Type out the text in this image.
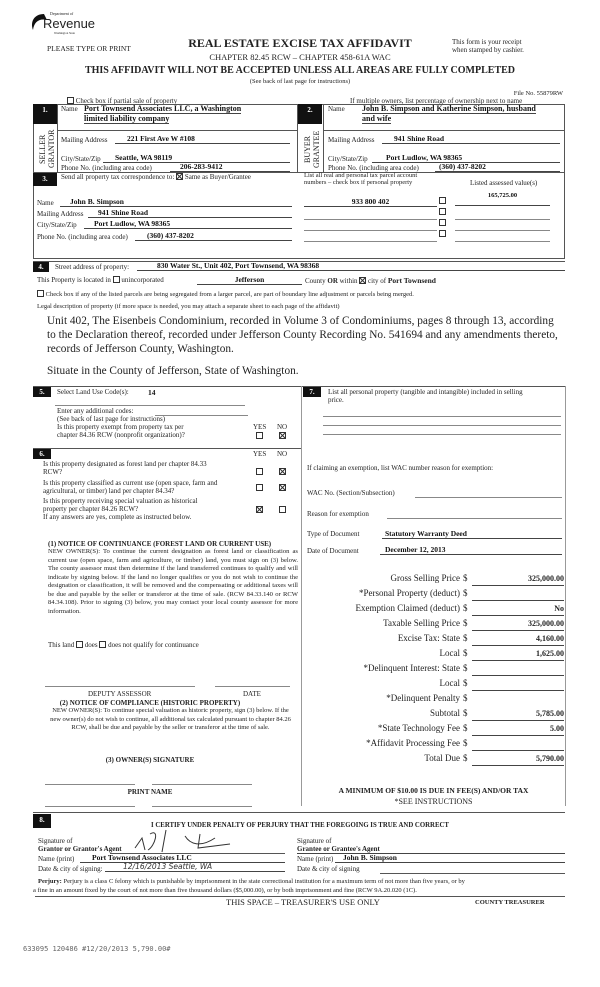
Department of
Revenue
Washington State
PLEASE TYPE OR PRINT	REAL ESTATE EXCISE TAX AFFIDAVIT
CHAPTER 82.45 RCW – CHAPTER 458-61A WAC
This form is your receipt
when stamped by cashier.
THIS AFFIDAVIT WILL NOT BE ACCEPTED UNLESS ALL AREAS ARE FULLY COMPLETED
(See back of last page for instructions)
File No. 55879RW
Check box if partial sale of property	If multiple owners, list percentage of ownership next to name
1.
SELLER GRANTOR
Name Port Townsend Associates LLC, a Washington
limited liability company
Mailing Address	221 First Ave W #108
City/State/Zip	Seattle, WA 98119
Phone No. (including area code)	206-283-9412
2.
BUYER GRANTEE
Name John B. Simpson and Katherine Simpson, husband
and wife
Mailing Address	941 Shine Road
City/State/Zip	Port Ludlow, WA 98365
Phone No. (including area code)	(360) 437-8202
3.	Send all property tax correspondence to: Same as Buyer/Grantee	List all real and personal tax parcel account
numbers – check box if personal property	Listed assessed value(s)
Name	John B. Simpson
Mailing Address	941 Shine Road
City/State/Zip	Port Ludlow, WA 98365
Phone No. (including area code)	(360) 437-8202
933 800 402
165,725.00
4.	Street address of property:	830 Water St., Unit 402, Port Townsend, WA 98368
This Property is located in unincorporated	Jefferson	County OR within city of Port Townsend
Check box if any of the listed parcels are being segregated from a larger parcel, are part of boundary line adjustment or parcels being merged.
Legal description of property (if more space is needed, you may attach a separate sheet to each page of the affidavit)
Unit 402, The Eisenbeis Condominium, recorded in Volume 3 of Condominiums, pages 8 through 13, according to the Declaration thereof, recorded under Jefferson County Recording No. 541694 and any amendments thereto, records of Jefferson County, Washington.
Situate in the County of Jefferson, State of Washington.
5.	Select Land Use Code(s):	14
Enter any additional codes:
(See back of last page for instructions)
Is this property exempt from property tax per
chapter 84.36 RCW (nonprofit organization)?
YES NO
6.	YES NO
Is this property designated as forest land per chapter 84.33
RCW?
Is this property classified as current use (open space, farm and
agricultural, or timber) land per chapter 84.34?
Is this property receiving special valuation as historical
property per chapter 84.26 RCW?
If any answers are yes, complete as instructed below.
(1) NOTICE OF CONTINUANCE (FOREST LAND OR CURRENT USE)
NEW OWNER(S): To continue the current designation as forest land or classification as current use (open space, farm and agriculture, or timber) land, you must sign on (3) below. The county assessor must then determine if the land transferred continues to qualify and will indicate by signing below. If the land no longer qualifies or you do not wish to continue the designation or classification, it will be removed and the compensating or additional taxes will be due and payable by the seller or transferor at the time of sale. (RCW 84.33.140 or RCW 84.34.108). Prior to signing (3) below, you may contact your local county assessor for more information.
This land does does not qualify for continuance
DEPUTY ASSESSOR	DATE
(2) NOTICE OF COMPLIANCE (HISTORIC PROPERTY)
NEW OWNER(S): To continue special valuation as historic property, sign (3) below. If the new owner(s) do not wish to continue, all additional tax calculated pursuant to chapter 84.26 RCW, shall be due and payable by the seller or transferor at the time of sale.
(3) OWNER(S) SIGNATURE
PRINT NAME
7.	List all personal property (tangible and intangible) included in selling
price.
If claiming an exemption, list WAC number reason for exemption:
WAC No. (Section/Subsection)
Reason for exemption
Type of Document	Statutory Warranty Deed
Date of Document	December 12, 2013
Gross Selling Price $	325,000.00
*Personal Property (deduct) $
Exemption Claimed (deduct) $	No
Taxable Selling Price $	325,000.00
Excise Tax: State $	4,160.00
Local $	1,625.00
*Delinquent Interest: State $
Local $
*Delinquent Penalty $
Subtotal $	5,785.00
*State Technology Fee $	5.00
*Affidavit Processing Fee $
Total Due $	5,790.00
A MINIMUM OF $10.00 IS DUE IN FEE(S) AND/OR TAX
*SEE INSTRUCTIONS
8.
I CERTIFY UNDER PENALTY OF PERJURY THAT THE FOREGOING IS TRUE AND CORRECT
Signature of
Grantor or Grantor's Agent
Name (print)	Port Townsend Associates LLC
Date & city of signing:	12/16/2013 Seattle, WA
Signature of
Grantee or Grantee's Agent
Name (print)	John B. Simpson
Date & city of signing
Perjury: Perjury is a class C felony which is punishable by imprisonment in the state correctional institution for a maximum term of not more than five years, or by
a fine in an amount fixed by the court of not more than five thousand dollars ($5,000.00), or by both imprisonment and fine (RCW 9A.20.020 (1C).
THIS SPACE – TREASURER'S USE ONLY	COUNTY TREASURER
633095 120486 #12/20/2013 5,790.00#
